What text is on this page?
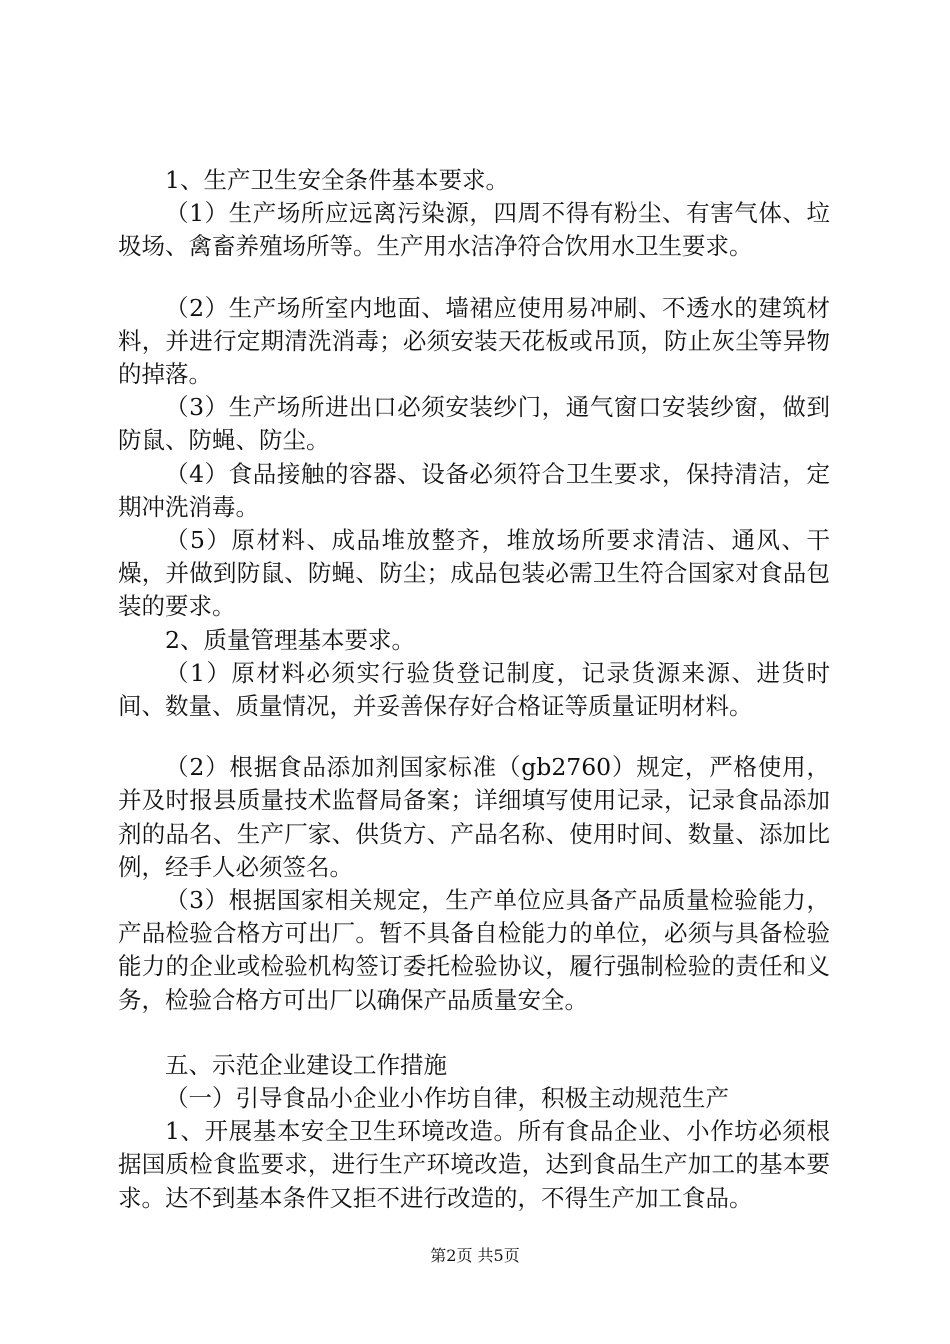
1、生产卫生安全条件基本要求。

（1）生产场所应远离污染源，四周不得有粉尘、有害气体、垃圾场、禽畜养殖场所等。生产用水洁净符合饮用水卫生要求。

（2）生产场所室内地面、墙裙应使用易冲刷、不透水的建筑材料，并进行定期清洗消毒；必须安装天花板或吊顶，防止灰尘等异物的掉落。

（3）生产场所进出口必须安装纱门，通气窗口安装纱窗，做到防鼠、防蝇、防尘。

（4）食品接触的容器、设备必须符合卫生要求，保持清洁，定期冲洗消毒。

（5）原材料、成品堆放整齐，堆放场所要求清洁、通风、干燥，并做到防鼠、防蝇、防尘；成品包装必需卫生符合国家对食品包装的要求。

2、质量管理基本要求。

（1）原材料必须实行验货登记制度，记录货源来源、进货时间、数量、质量情况，并妥善保存好合格证等质量证明材料。

（2）根据食品添加剂国家标准（gb2760）规定，严格使用，并及时报县质量技术监督局备案；详细填写使用记录，记录食品添加剂的品名、生产厂家、供货方、产品名称、使用时间、数量、添加比例，经手人必须签名。

（3）根据国家相关规定，生产单位应具备产品质量检验能力，产品检验合格方可出厂。暂不具备自检能力的单位，必须与具备检验能力的企业或检验机构签订委托检验协议，履行强制检验的责任和义务，检验合格方可出厂以确保产品质量安全。

五、示范企业建设工作措施

（一）引导食品小企业小作坊自律，积极主动规范生产

1、开展基本安全卫生环境改造。所有食品企业、小作坊必须根据国质检食监要求，进行生产环境改造，达到食品生产加工的基本要求。达不到基本条件又拒不进行改造的，不得生产加工食品。

第2页 共5页
